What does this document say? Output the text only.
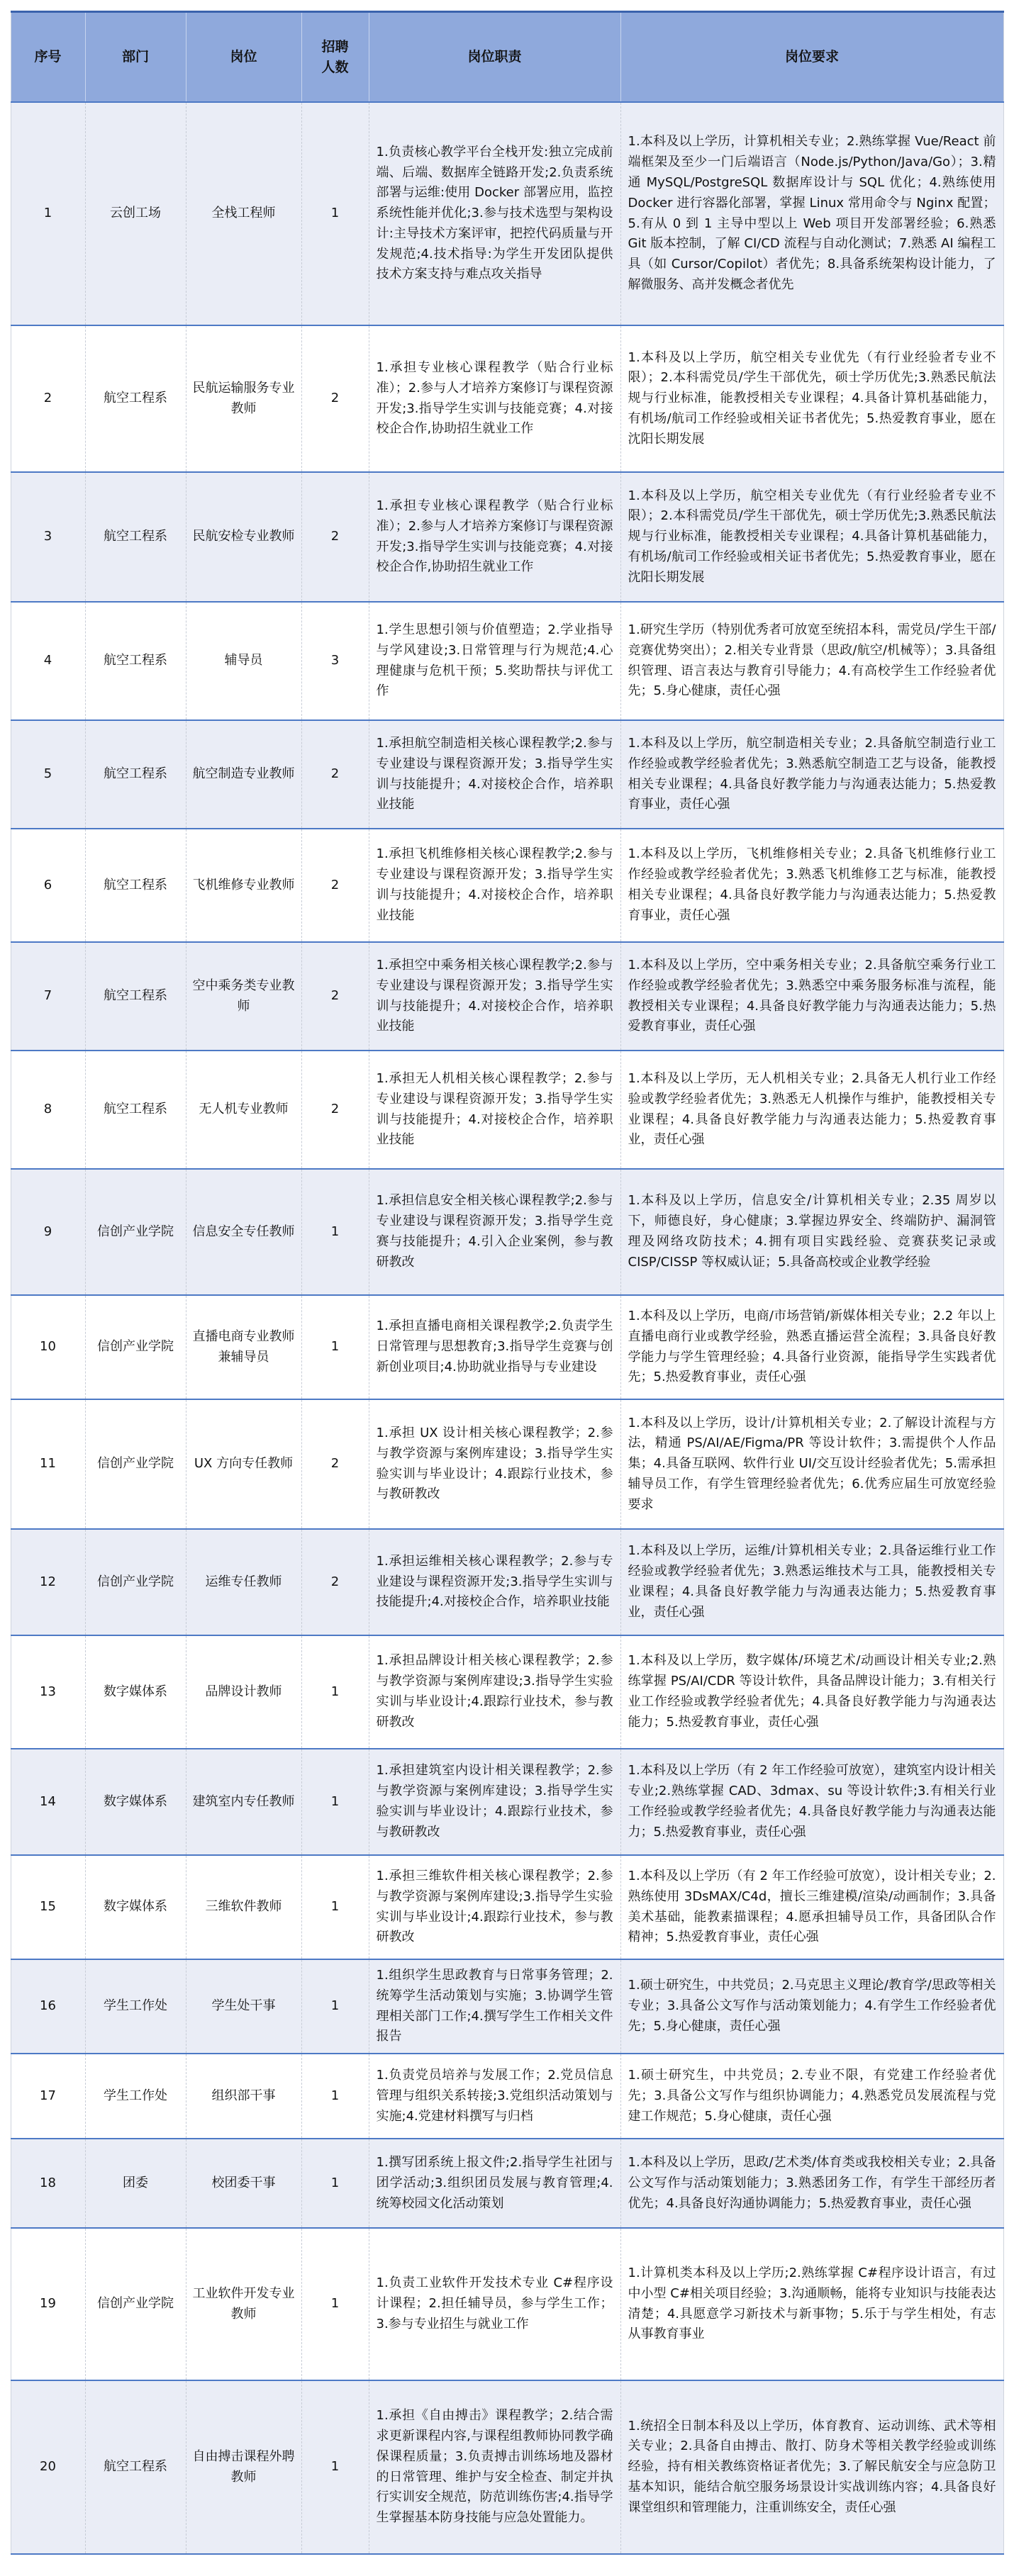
序号	部门	岗位	招聘人数	岗位职责	岗位要求
1	云创工场	全栈工程师	1	1.负责核心教学平台全栈开发:独立完成前端、后端、数据库全链路开发;2.负责系统部署与运维:使用 Docker 部署应用，监控系统性能并优化;3.参与技术选型与架构设计:主导技术方案评审，把控代码质量与开发规范;4.技术指导:为学生开发团队提供技术方案支持与难点攻关指导	1.本科及以上学历，计算机相关专业；2.熟练掌握 Vue/React 前端框架及至少一门后端语言（Node.js/Python/Java/Go）；3.精通 MySQL/PostgreSQL 数据库设计与 SQL 优化；4.熟练使用 Docker 进行容器化部署，掌握 Linux 常用命令与 Nginx 配置；5.有从 0 到 1 主导中型以上 Web 项目开发部署经验；6.熟悉 Git 版本控制，了解 CI/CD 流程与自动化测试；7.熟悉 AI 编程工具（如 Cursor/Copilot）者优先；8.具备系统架构设计能力，了解微服务、高并发概念者优先
2	航空工程系	民航运输服务专业教师	2	1.承担专业核心课程教学（贴合行业标准）；2.参与人才培养方案修订与课程资源开发;3.指导学生实训与技能竞赛；4.对接校企合作,协助招生就业工作	1.本科及以上学历，航空相关专业优先（有行业经验者专业不限）；2.本科需党员/学生干部优先，硕士学历优先;3.熟悉民航法规与行业标准，能教授相关专业课程；4.具备计算机基础能力，有机场/航司工作经验或相关证书者优先；5.热爱教育事业，愿在沈阳长期发展
3	航空工程系	民航安检专业教师	2	1.承担专业核心课程教学（贴合行业标准）；2.参与人才培养方案修订与课程资源开发;3.指导学生实训与技能竞赛；4.对接校企合作,协助招生就业工作	1.本科及以上学历，航空相关专业优先（有行业经验者专业不限）；2.本科需党员/学生干部优先，硕士学历优先;3.熟悉民航法规与行业标准，能教授相关专业课程；4.具备计算机基础能力，有机场/航司工作经验或相关证书者优先；5.热爱教育事业，愿在沈阳长期发展
4	航空工程系	辅导员	3	1.学生思想引领与价值塑造；2.学业指导与学风建设;3.日常管理与行为规范;4.心理健康与危机干预；5.奖助帮扶与评优工作	1.研究生学历（特别优秀者可放宽至统招本科，需党员/学生干部/竞赛优势突出）；2.相关专业背景（思政/航空/机械等）；3.具备组织管理、语言表达与教育引导能力；4.有高校学生工作经验者优先；5.身心健康，责任心强
5	航空工程系	航空制造专业教师	2	1.承担航空制造相关核心课程教学;2.参与专业建设与课程资源开发；3.指导学生实训与技能提升；4.对接校企合作，培养职业技能	1.本科及以上学历，航空制造相关专业；2.具备航空制造行业工作经验或教学经验者优先；3.熟悉航空制造工艺与设备，能教授相关专业课程；4.具备良好教学能力与沟通表达能力；5.热爱教育事业，责任心强
6	航空工程系	飞机维修专业教师	2	1.承担飞机维修相关核心课程教学;2.参与专业建设与课程资源开发；3.指导学生实训与技能提升；4.对接校企合作，培养职业技能	1.本科及以上学历，飞机维修相关专业；2.具备飞机维修行业工作经验或教学经验者优先；3.熟悉飞机维修工艺与标准，能教授相关专业课程；4.具备良好教学能力与沟通表达能力；5.热爱教育事业，责任心强
7	航空工程系	空中乘务类专业教师	2	1.承担空中乘务相关核心课程教学;2.参与专业建设与课程资源开发；3.指导学生实训与技能提升；4.对接校企合作，培养职业技能	1.本科及以上学历，空中乘务相关专业；2.具备航空乘务行业工作经验或教学经验者优先；3.熟悉空中乘务服务标准与流程，能教授相关专业课程；4.具备良好教学能力与沟通表达能力；5.热爱教育事业，责任心强
8	航空工程系	无人机专业教师	2	1.承担无人机相关核心课程教学；2.参与专业建设与课程资源开发；3.指导学生实训与技能提升；4.对接校企合作，培养职业技能	1.本科及以上学历，无人机相关专业；2.具备无人机行业工作经验或教学经验者优先；3.熟悉无人机操作与维护，能教授相关专业课程；4.具备良好教学能力与沟通表达能力；5.热爱教育事业，责任心强
9	信创产业学院	信息安全专任教师	1	1.承担信息安全相关核心课程教学;2.参与专业建设与课程资源开发；3.指导学生竞赛与技能提升；4.引入企业案例，参与教研教改	1.本科及以上学历，信息安全/计算机相关专业；2.35 周岁以下，师德良好，身心健康；3.掌握边界安全、终端防护、漏洞管理及网络攻防技术；4.拥有项目实践经验、竞赛获奖记录或 CISP/CISSP 等权威认证；5.具备高校或企业教学经验
10	信创产业学院	直播电商专业教师兼辅导员	1	1.承担直播电商相关课程教学;2.负责学生日常管理与思想教育;3.指导学生竞赛与创新创业项目;4.协助就业指导与专业建设	1.本科及以上学历，电商/市场营销/新媒体相关专业；2.2 年以上直播电商行业或教学经验，熟悉直播运营全流程；3.具备良好教学能力与学生管理经验；4.具备行业资源，能指导学生实践者优先；5.热爱教育事业，责任心强
11	信创产业学院	UX 方向专任教师	2	1.承担 UX 设计相关核心课程教学；2.参与教学资源与案例库建设；3.指导学生实验实训与毕业设计；4.跟踪行业技术，参与教研教改	1.本科及以上学历，设计/计算机相关专业；2.了解设计流程与方法，精通 PS/AI/AE/Figma/PR 等设计软件；3.需提供个人作品集；4.具备互联网、软件行业 UI/交互设计经验者优先；5.需承担辅导员工作，有学生管理经验者优先；6.优秀应届生可放宽经验要求
12	信创产业学院	运维专任教师	2	1.承担运维相关核心课程教学；2.参与专业建设与课程资源开发;3.指导学生实训与技能提升;4.对接校企合作，培养职业技能	1.本科及以上学历，运维/计算机相关专业；2.具备运维行业工作经验或教学经验者优先；3.熟悉运维技术与工具，能教授相关专业课程；4.具备良好教学能力与沟通表达能力；5.热爱教育事业，责任心强
13	数字媒体系	品牌设计教师	1	1.承担品牌设计相关核心课程教学；2.参与教学资源与案例库建设;3.指导学生实验实训与毕业设计;4.跟踪行业技术，参与教研教改	1.本科及以上学历，数字媒体/环境艺术/动画设计相关专业;2.熟练掌握 PS/AI/CDR 等设计软件，具备品牌设计能力；3.有相关行业工作经验或教学经验者优先；4.具备良好教学能力与沟通表达能力；5.热爱教育事业，责任心强
14	数字媒体系	建筑室内专任教师	1	1.承担建筑室内设计相关课程教学；2.参与教学资源与案例库建设；3.指导学生实验实训与毕业设计；4.跟踪行业技术，参与教研教改	1.本科及以上学历（有 2 年工作经验可放宽），建筑室内设计相关专业;2.熟练掌握 CAD、3dmax、su 等设计软件;3.有相关行业工作经验或教学经验者优先；4.具备良好教学能力与沟通表达能力；5.热爱教育事业，责任心强
15	数字媒体系	三维软件教师	1	1.承担三维软件相关核心课程教学；2.参与教学资源与案例库建设;3.指导学生实验实训与毕业设计;4.跟踪行业技术，参与教研教改	1.本科及以上学历（有 2 年工作经验可放宽），设计相关专业；2.熟练使用 3DsMAX/C4d，擅长三维建模/渲染/动画制作；3.具备美术基础，能教素描课程；4.愿承担辅导员工作，具备团队合作精神；5.热爱教育事业，责任心强
16	学生工作处	学生处干事	1	1.组织学生思政教育与日常事务管理；2.统筹学生活动策划与实施；3.协调学生管理相关部门工作;4.撰写学生工作相关文件报告	1.硕士研究生，中共党员；2.马克思主义理论/教育学/思政等相关专业；3.具备公文写作与活动策划能力；4.有学生工作经验者优先；5.身心健康，责任心强
17	学生工作处	组织部干事	1	1.负责党员培养与发展工作；2.党员信息管理与组织关系转接;3.党组织活动策划与实施;4.党建材料撰写与归档	1.硕士研究生，中共党员；2.专业不限，有党建工作经验者优先；3.具备公文写作与组织协调能力；4.熟悉党员发展流程与党建工作规范；5.身心健康，责任心强
18	团委	校团委干事	1	1.撰写团系统上报文件;2.指导学生社团与团学活动;3.组织团员发展与教育管理;4.统筹校园文化活动策划	1.本科及以上学历，思政/艺术类/体育类或我校相关专业；2.具备公文写作与活动策划能力；3.熟悉团务工作，有学生干部经历者优先；4.具备良好沟通协调能力；5.热爱教育事业，责任心强
19	信创产业学院	工业软件开发专业教师	1	1.负责工业软件开发技术专业 C#程序设计课程；2.担任辅导员，参与学生工作；3.参与专业招生与就业工作	1.计算机类本科及以上学历;2.熟练掌握 C#程序设计语言，有过中小型 C#相关项目经验；3.沟通顺畅，能将专业知识与技能表达清楚；4.具愿意学习新技术与新事物；5.乐于与学生相处，有志从事教育事业
20	航空工程系	自由搏击课程外聘教师	1	1.承担《自由搏击》课程教学；2.结合需求更新课程内容,与课程组教师协同教学确保课程质量；3.负责搏击训练场地及器材的日常管理、维护与安全检查、制定并执行实训安全规范，防范训练伤害;4.指导学生掌握基本防身技能与应急处置能力。	1.统招全日制本科及以上学历，体育教育、运动训练、武术等相关专业；2.具备自由搏击、散打、防身术等相关教学经验或训练经验，持有相关教练资格证者优先；3.了解民航安全与应急防卫基本知识，能结合航空服务场景设计实战训练内容；4.具备良好课堂组织和管理能力，注重训练安全，责任心强
